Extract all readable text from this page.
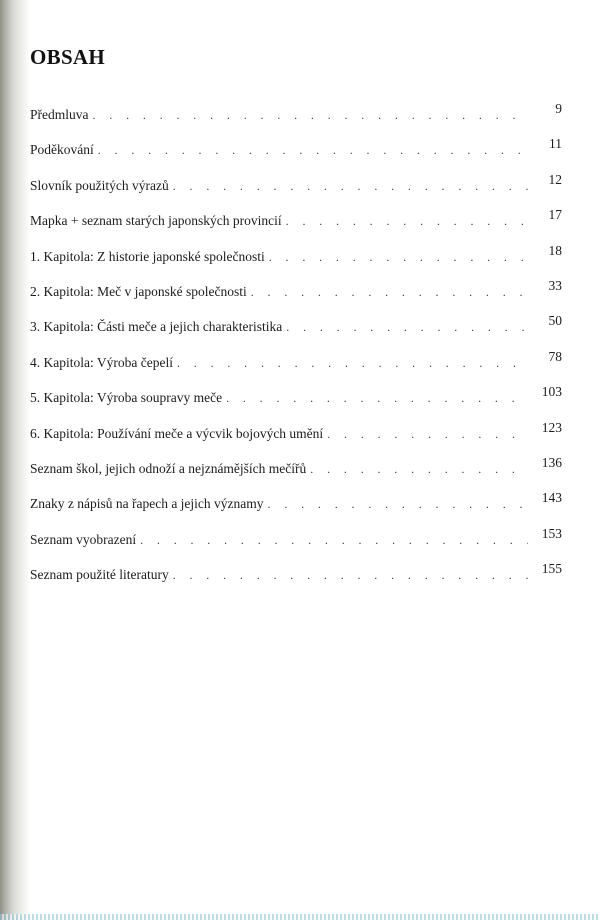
OBSAH
Předmluva . . .	9
Poděkování . . .	11
Slovník použitých výrazů . . .	12
Mapka + seznam starých japonských provincií . . .	17
1. Kapitola: Z historie japonské společnosti . . .	18
2. Kapitola: Meč v japonské společnosti . . .	33
3. Kapitola: Části meče a jejich charakteristika . . .	50
4. Kapitola: Výroba čepelí . . .	78
5. Kapitola: Výroba soupravy meče . . .	103
6. Kapitola: Používání meče a výcvik bojových umění . . .	123
Seznam škol, jejich odnoží a nejznámějších mečířů . . .	136
Znaky z nápisů na řapech a jejich významy . . .	143
Seznam vyobrazení . . .	153
Seznam použité literatury . . .	155
